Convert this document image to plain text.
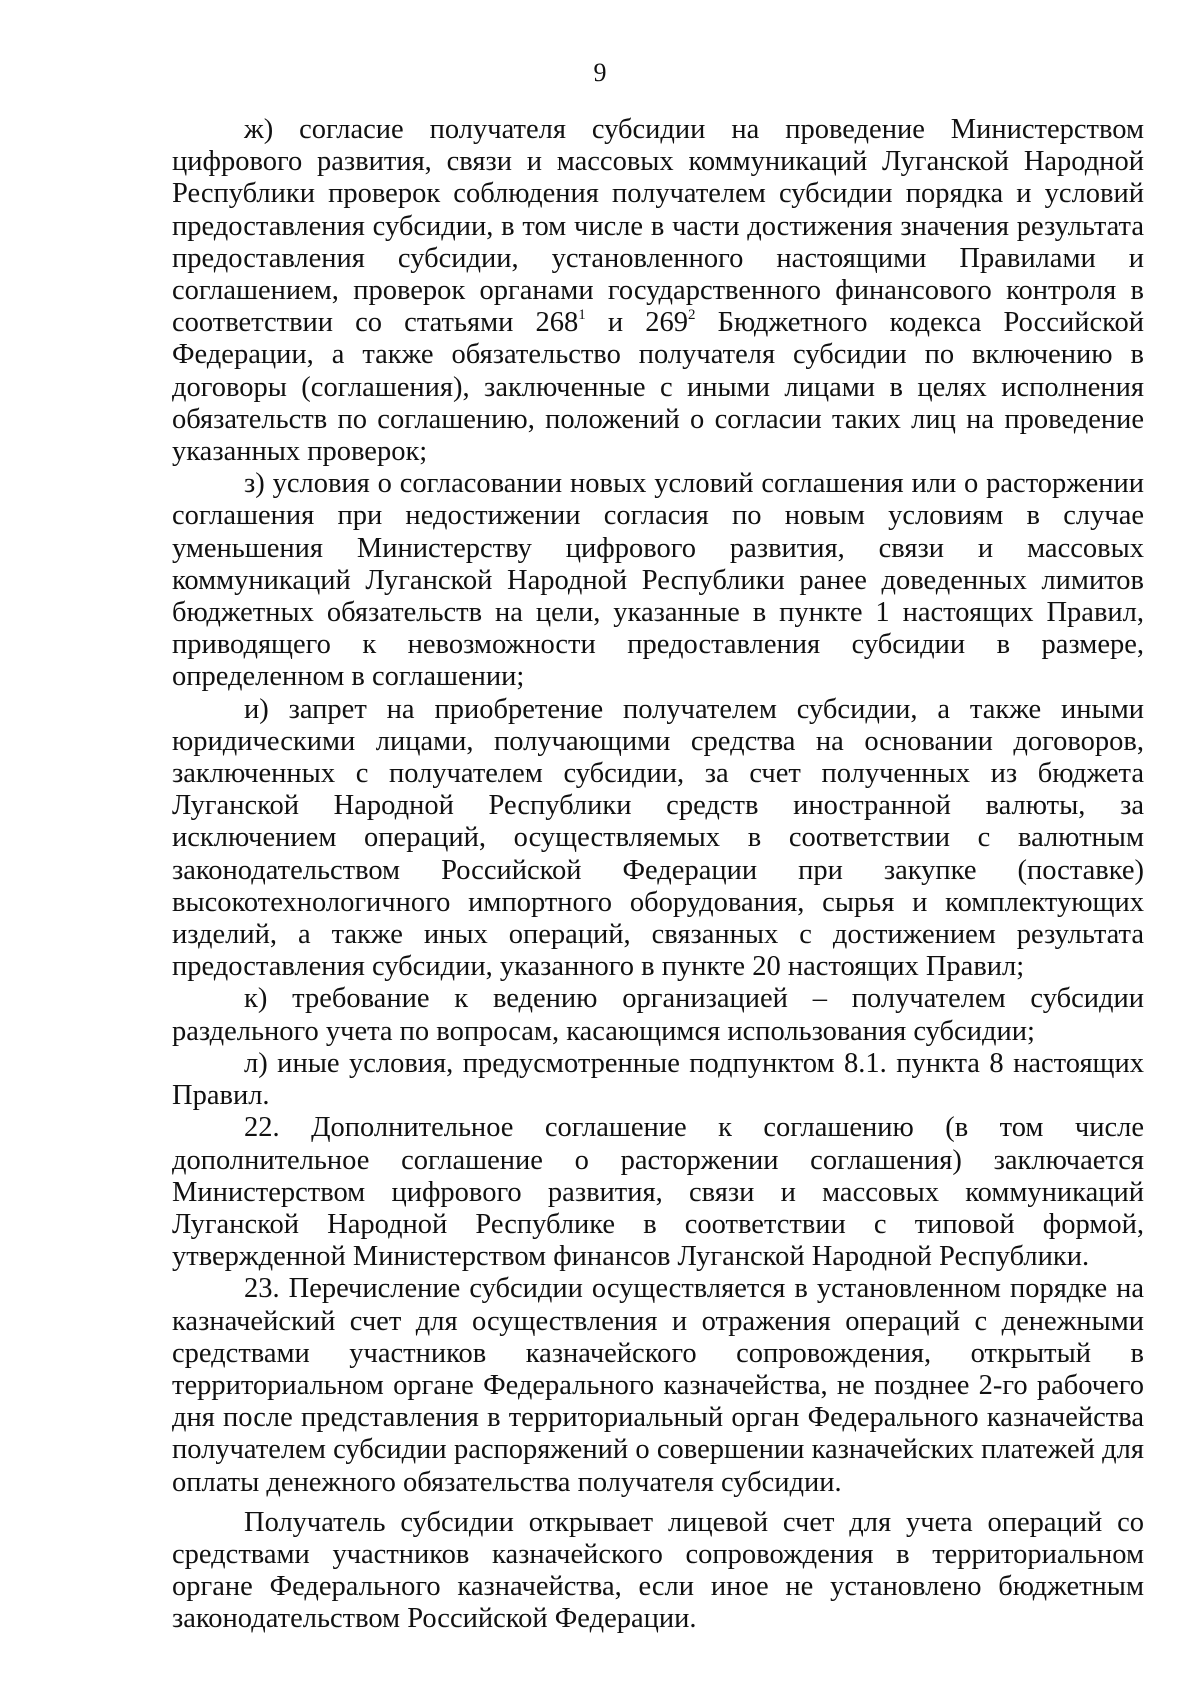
9

ж) согласие получателя субсидии на проведение Министерством цифрового развития, связи и массовых коммуникаций Луганской Народной Республики проверок соблюдения получателем субсидии порядка и условий предоставления субсидии, в том числе в части достижения значения результата предоставления субсидии, установленного настоящими Правилами и соглашением, проверок органами государственного финансового контроля в соответствии со статьями $268^1$ и $269^2$ Бюджетного кодекса Российской Федерации, а также обязательство получателя субсидии по включению в договоры (соглашения), заключенные с иными лицами в целях исполнения обязательств по соглашению, положений о согласии таких лиц на проведение указанных проверок;

з) условия о согласовании новых условий соглашения или о расторжении соглашения при недостижении согласия по новым условиям в случае уменьшения Министерству цифрового развития, связи и массовых коммуникаций Луганской Народной Республики ранее доведенных лимитов бюджетных обязательств на цели, указанные в пункте 1 настоящих Правил, приводящего к невозможности предоставления субсидии в размере, определенном в соглашении;

и) запрет на приобретение получателем субсидии, а также иными юридическими лицами, получающими средства на основании договоров, заключенных с получателем субсидии, за счет полученных из бюджета Луганской Народной Республики средств иностранной валюты, за исключением операций, осуществляемых в соответствии с валютным законодательством Российской Федерации при закупке (поставке) высокотехнологичного импортного оборудования, сырья и комплектующих изделий, а также иных операций, связанных с достижением результата предоставления субсидии, указанного в пункте 20 настоящих Правил;

к) требование к ведению организацией – получателем субсидии раздельного учета по вопросам, касающимся использования субсидии;

л) иные условия, предусмотренные подпунктом 8.1. пункта 8 настоящих Правил.

22. Дополнительное соглашение к соглашению (в том числе дополнительное соглашение о расторжении соглашения) заключается Министерством цифрового развития, связи и массовых коммуникаций Луганской Народной Республике в соответствии с типовой формой, утвержденной Министерством финансов Луганской Народной Республики.

23. Перечисление субсидии осуществляется в установленном порядке на казначейский счет для осуществления и отражения операций с денежными средствами участников казначейского сопровождения, открытый в территориальном органе Федерального казначейства, не позднее 2-го рабочего дня после представления в территориальный орган Федерального казначейства получателем субсидии распоряжений о совершении казначейских платежей для оплаты денежного обязательства получателя субсидии.

Получатель субсидии открывает лицевой счет для учета операций со средствами участников казначейского сопровождения в территориальном органе Федерального казначейства, если иное не установлено бюджетным законодательством Российской Федерации.
